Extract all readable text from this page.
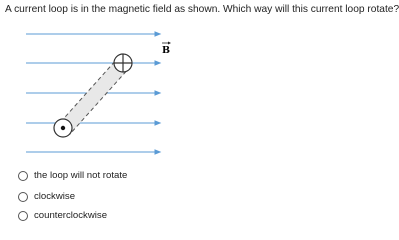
A current loop is in the magnetic field as shown. Which way will this current loop rotate?
B
the loop will not rotate
clockwise
counterclockwise
